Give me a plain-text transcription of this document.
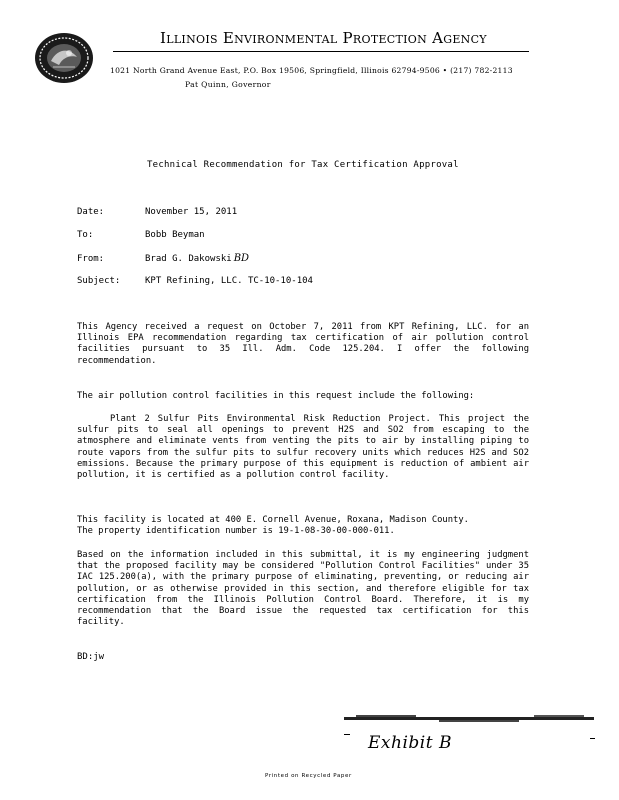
Illinois Environmental Protection Agency
1021 North Grand Avenue East, P.O. Box 19506, Springfield, Illinois 62794-9506 • (217) 782-2113
Pat Quinn, Governor
Technical Recommendation for Tax Certification Approval
Date:	November 15, 2011
To:	Bobb Beyman
From:	Brad G. Dakowski BD
Subject:	KPT Refining, LLC. TC-10-10-104

This Agency received a request on October 7, 2011 from KPT Refining, LLC. for an Illinois EPA recommendation regarding tax certification of air pollution control facilities pursuant to 35 Ill. Adm. Code 125.204. I offer the following recommendation.

The air pollution control facilities in this request include the following:

Plant 2 Sulfur Pits Environmental Risk Reduction Project. This project the sulfur pits to seal all openings to prevent H2S and SO2 from escaping to the atmosphere and eliminate vents from venting the pits to air by installing piping to route vapors from the sulfur pits to sulfur recovery units which reduces H2S and SO2 emissions. Because the primary purpose of this equipment is reduction of ambient air pollution, it is certified as a pollution control facility.

This facility is located at 400 E. Cornell Avenue, Roxana, Madison County.

The property identification number is 19-1-08-30-00-000-011.

Based on the information included in this submittal, it is my engineering judgment that the proposed facility may be considered "Pollution Control Facilities" under 35 IAC 125.200(a), with the primary purpose of eliminating, preventing, or reducing air pollution, or as otherwise provided in this section, and therefore eligible for tax certification from the Illinois Pollution Control Board. Therefore, it is my recommendation that the Board issue the requested tax certification for this facility.

BD:jw
Exhibit B
Printed on Recycled Paper
